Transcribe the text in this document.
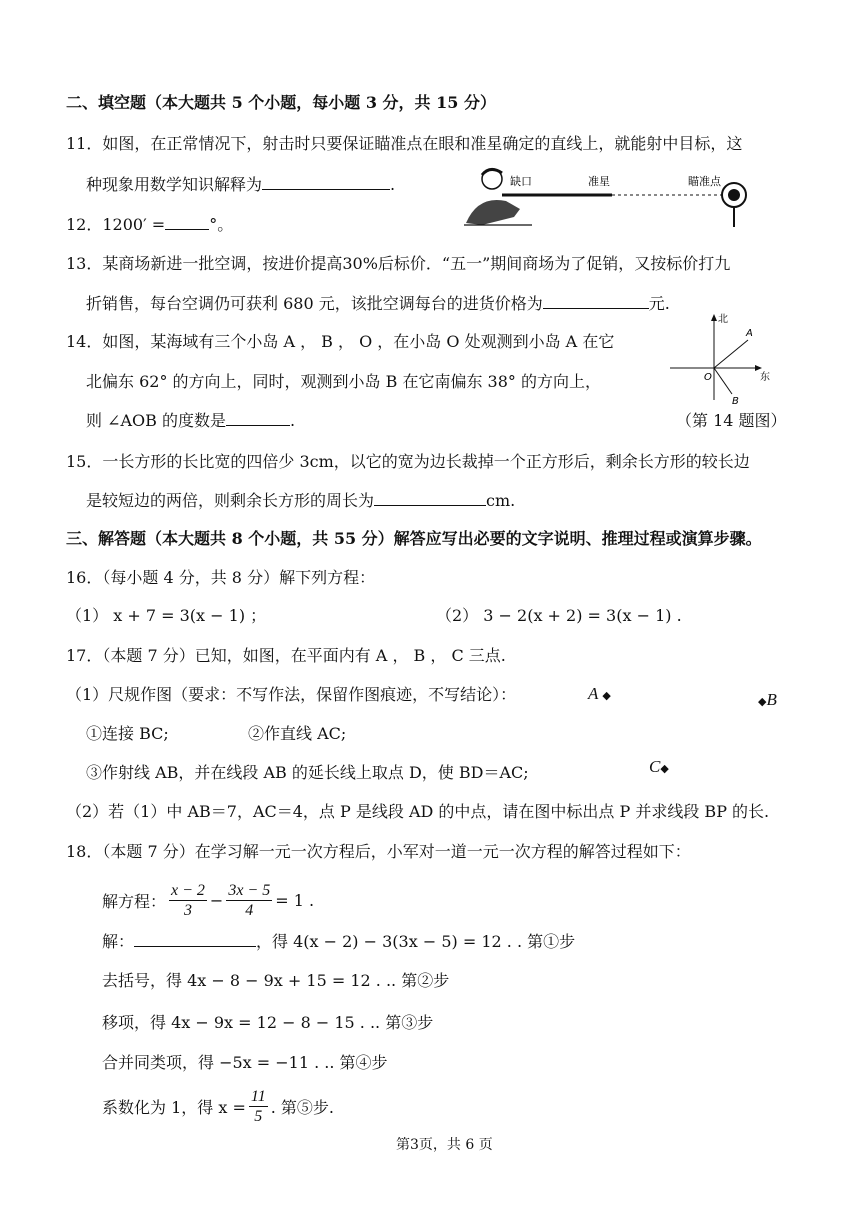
二、填空题（本大题共 5 个小题，每小题 3 分，共 15 分）
11．如图，在正常情况下，射击时只要保证瞄准点在眼和准星确定的直线上，就能射中目标，这
种现象用数学知识解释为	.	缺口	准星	瞄准点
12．1200′ =	°。
13．某商场新进一批空调，按进价提高30%后标价．“五一”期间商场为了促销，又按标价打九
折销售，每台空调仍可获利 680 元，该批空调每台的进货价格为	元.
14．如图，某海域有三个小岛 A ， B ， O ，在小岛 O 处观测到小岛 A 在它
北偏东 62° 的方向上，同时，观测到小岛 B 在它南偏东 38° 的方向上，
则 ∠AOB 的度数是	.
北
东
O
A
B
（第 14 题图）
15．一长方形的长比宽的四倍少 3cm，以它的宽为边长裁掉一个正方形后，剩余长方形的较长边
是较短边的两倍，则剩余长方形的周长为	cm.
三、解答题（本大题共 8 个小题，共 55 分）解答应写出必要的文字说明、推理过程或演算步骤。
16．（每小题 4 分，共 8 分）解下列方程：
（1） x + 7 = 3(x − 1) ；	（2） 3 − 2(x + 2) = 3(x − 1) .
17．（本题 7 分）已知，如图，在平面内有 A ， B ， C 三点.
（1）尺规作图（要求：不写作法，保留作图痕迹，不写结论）：
①连接 BC;	②作直线 AC;
③作射线 AB，并在线段 AB 的延长线上取点 D，使 BD＝AC;
（2）若（1）中 AB＝7，AC＝4，点 P 是线段 AD 的中点，请在图中标出点 P 并求线段 BP 的长.
A ◆	◆B
C◆
18．（本题 7 分）在学习解一元一次方程后，小军对一道一元一次方程的解答过程如下：
解方程： $\frac{x - 2}{3} - \frac{3x - 5}{4} = 1$ .
解：	，得 4(x − 2) − 3(3x − 5) = 12 . . 第①步
去括号，得 4x − 8 − 9x + 15 = 12 . .. 第②步
移项，得 4x − 9x = 12 − 8 − 15 . .. 第③步
合并同类项，得 −5x = −11 . .. 第④步
系数化为 1，得 $x = \frac{11}{5}$ . 第⑤步.
第3页，共 6 页
